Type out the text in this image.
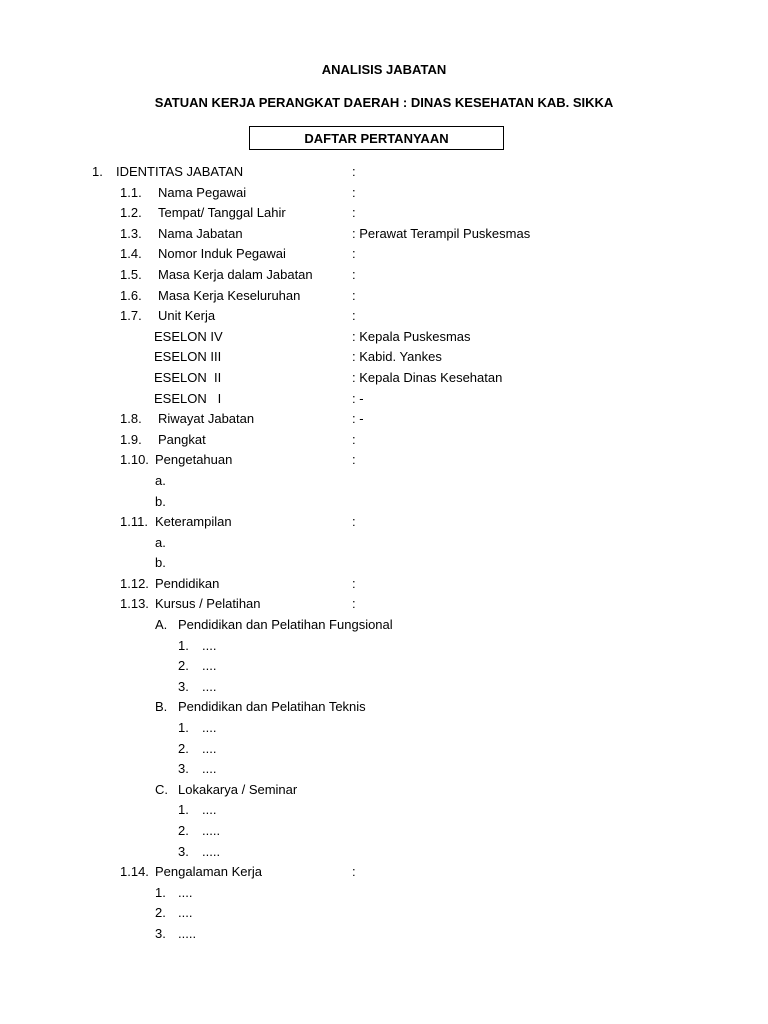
ANALISIS JABATAN
SATUAN KERJA PERANGKAT DAERAH : DINAS KESEHATAN KAB. SIKKA
DAFTAR PERTANYAAN
1. IDENTITAS JABATAN	:
1.1. Nama Pegawai	:
1.2. Tempat/ Tanggal Lahir	:
1.3. Nama Jabatan	: Perawat Terampil Puskesmas
1.4. Nomor Induk Pegawai	:
1.5. Masa Kerja dalam Jabatan	:
1.6. Masa Kerja Keseluruhan	:
1.7. Unit Kerja	:
ESELON IV	: Kepala Puskesmas
ESELON III	: Kabid. Yankes
ESELON  II	: Kepala Dinas Kesehatan
ESELON   I	: -
1.8. Riwayat Jabatan	: -
1.9. Pangkat	:
1.10. Pengetahuan	:
a.
b.
1.11. Keterampilan	:
a.
b.
1.12. Pendidikan	:
1.13. Kursus / Pelatihan	:
A. Pendidikan dan Pelatihan Fungsional
1. ....
2. ....
3. ....
B. Pendidikan dan Pelatihan Teknis
1. ....
2. ....
3. ....
C. Lokakarya / Seminar
1. ....
2. .....
3. .....
1.14. Pengalaman Kerja	:
1. ....
2. ....
3. .....
